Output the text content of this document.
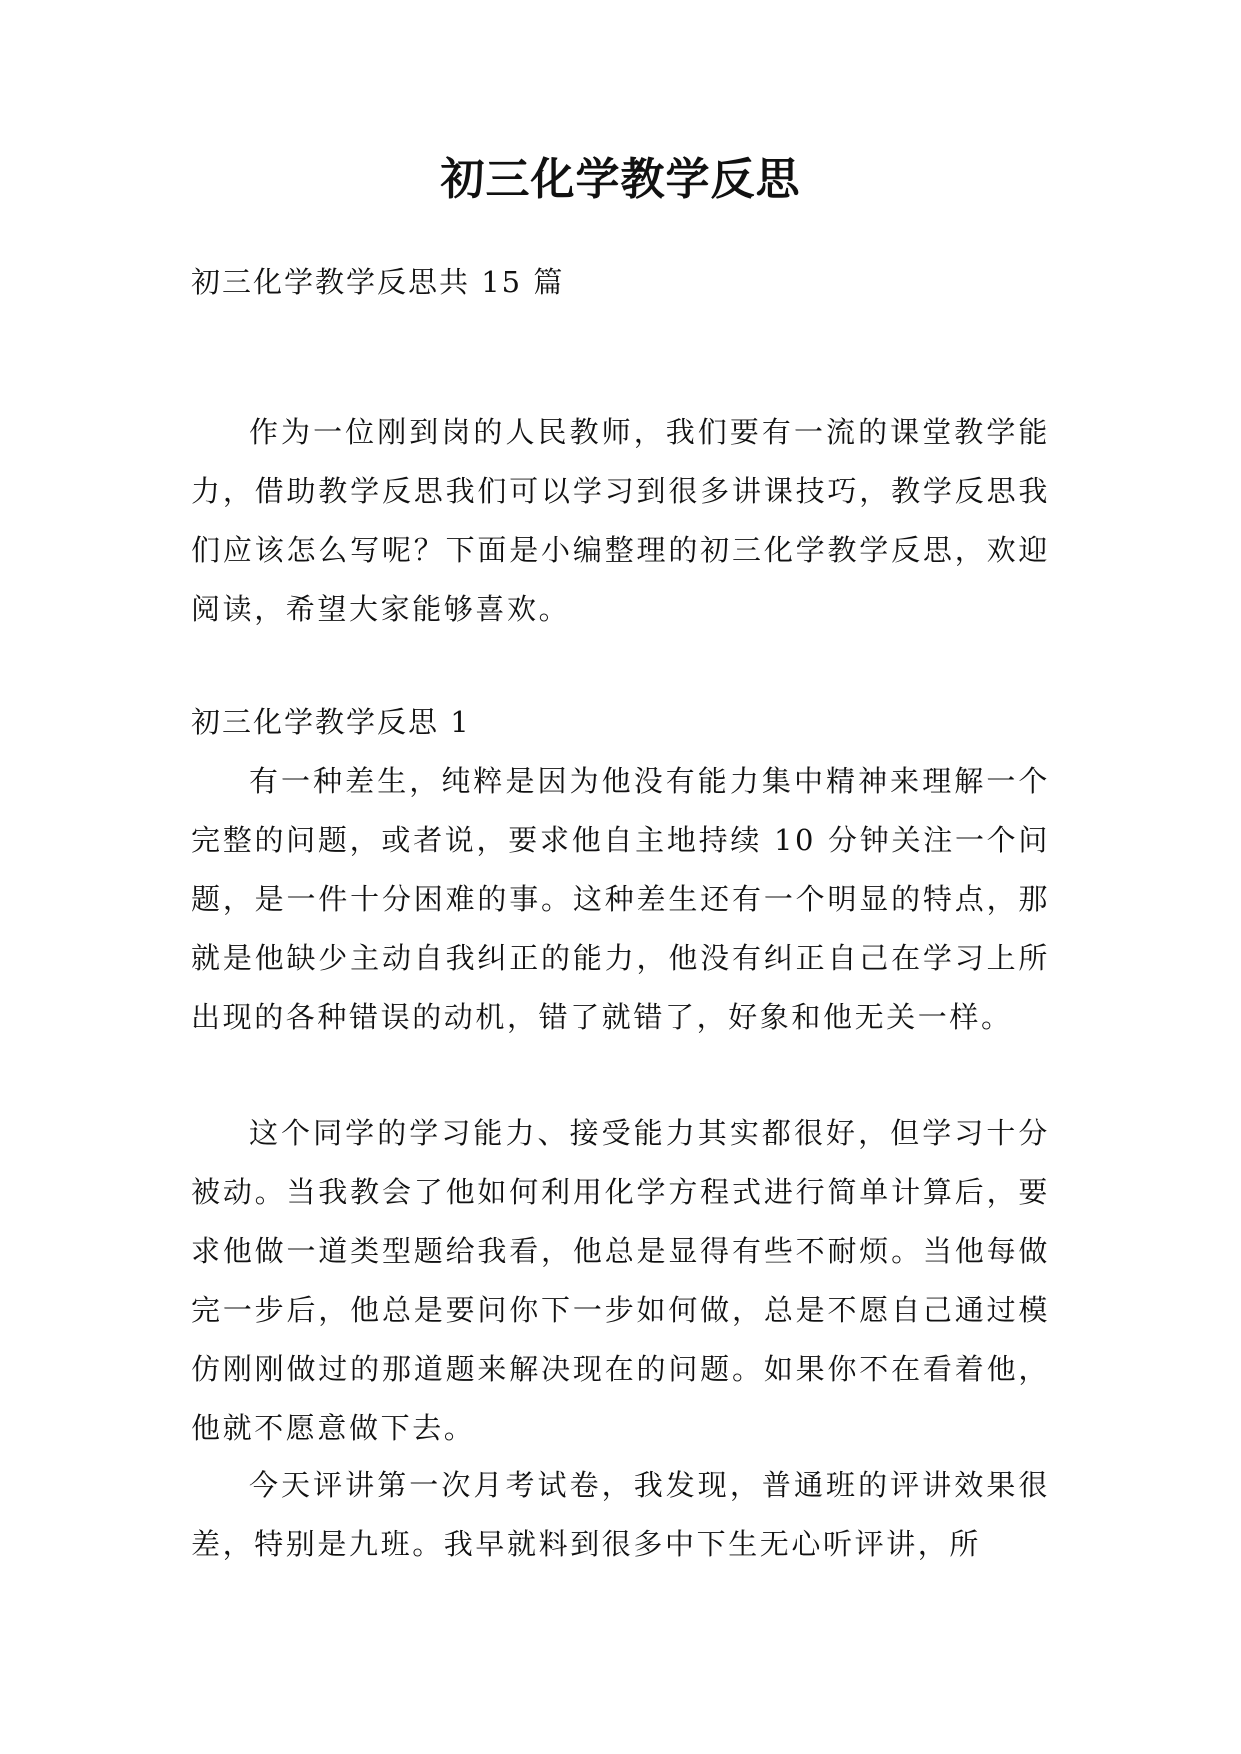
初三化学教学反思
初三化学教学反思共 15 篇

作为一位刚到岗的人民教师，我们要有一流的课堂教学能力，借助教学反思我们可以学习到很多讲课技巧，教学反思我们应该怎么写呢？下面是小编整理的初三化学教学反思，欢迎阅读，希望大家能够喜欢。

初三化学教学反思 1

有一种差生，纯粹是因为他没有能力集中精神来理解一个完整的问题，或者说，要求他自主地持续 10 分钟关注一个问题，是一件十分困难的事。这种差生还有一个明显的特点，那就是他缺少主动自我纠正的能力，他没有纠正自己在学习上所出现的各种错误的动机，错了就错了，好象和他无关一样。

这个同学的学习能力、接受能力其实都很好，但学习十分被动。当我教会了他如何利用化学方程式进行简单计算后，要求他做一道类型题给我看，他总是显得有些不耐烦。当他每做完一步后，他总是要问你下一步如何做，总是不愿自己通过模仿刚刚做过的那道题来解决现在的问题。如果你不在看着他，他就不愿意做下去。

今天评讲第一次月考试卷，我发现，普通班的评讲效果很差，特别是九班。我早就料到很多中下生无心听评讲，所
